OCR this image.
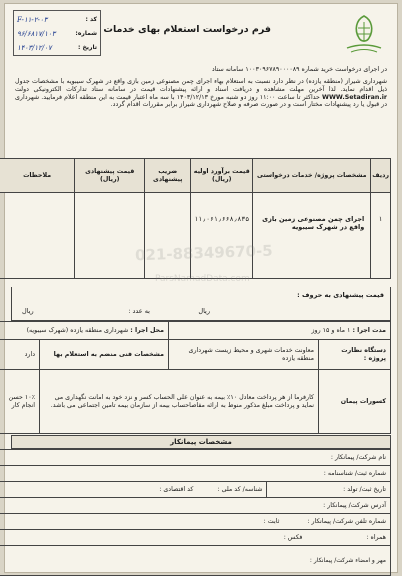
فرم درخواست استعلام بهای خدمات
کد :
F-۱۱-۲-۰۳
شماره:
۹۶/۶۸۱۷/۱۰۳
تاریخ :
۱۴۰۳/۱۲/۰۷

در اجرای درخواست خرید شماره ۱۰۰۳۰۹۶۷۸۹۰۰۰۰۸۹ سامانه ستاد

شهرداری شیراز (منطقه یازده) در نظر دارد نسبت به استعلام بهاء اجرای چمن مصنوعی زمین بازی واقع در شهرک سیبویه با مشخصات جدول ذیل اقدام نماید. لذا آخرین مهلت مشاهده و دریافت اسناد و ارائه پیشنهادات قیمت در سامانه ستاد تدارکات الکترونیکی دولت WWW.Setadiran.ir حداکثر تا ساعت ۱۱:۰۰ روز دو شنبه مورخ ۱۴۰۳/۱۲/۱۳ با سه ماه اعتبار قیمت به این منطقه اعلام فرمایید. شهرداری در قبول یا رد پیشنهادات مختار است و در صورت صرفه و صلاح شهرداری شیراز برابر مقررات اقدام گردد.

ردیف	مشخصات پروژه/ خدمات درخواستی	قیمت برآورد اولیه (ریال)	ضریب پیشنهادی	قیمت پیشنهادی (ریال)	ملاحظات
۱	اجرای چمن مصنوعی زمین بازی واقع در شهرک سیبویه	۱۱٫۰۶۱٫۶۶۸٫۸۳۵			
قیمت پیشنهادی به حروف :
ریال
به عدد :
ریال
021-88349670-5
ParsNamadData.com
مدت اجرا : ۱ ماه و ۱۵ روز		محل اجرا : شهرداری منطقه یازده (شهرک سیبویه)	
دستگاه نظارت پروژه :	معاونت خدمات شهری و محیط زیست شهرداری منطقه یازده	مشخصات فنی منضم به استعلام بها	دارد
کسورات پیمان	کارفرما از هر پرداخت معادل ۱۰٪ بیمه به عنوان علی الحساب کسر و نزد خود به امانت نگهداری می نماید و پرداخت مبلغ مذکور منوط به ارائه مفاصاحساب بیمه از سازمان بیمه تامین اجتماعی می باشد.		۱۰٪ حسن انجام کار
مشخصات پیمانکار
نام شرکت/ پیمانکار :
شماره ثبت/ شناسنامه :
تاریخ ثبت/ تولد :	شناسه/ کد ملی :            کد اقتصادی :
آدرس شرکت/ پیمانکار :
شماره تلفن شرکت/ پیمانکار :              ثابت :
همراه :                                فکس :
مهر و امضاء شرکت/ پیمانکار :
